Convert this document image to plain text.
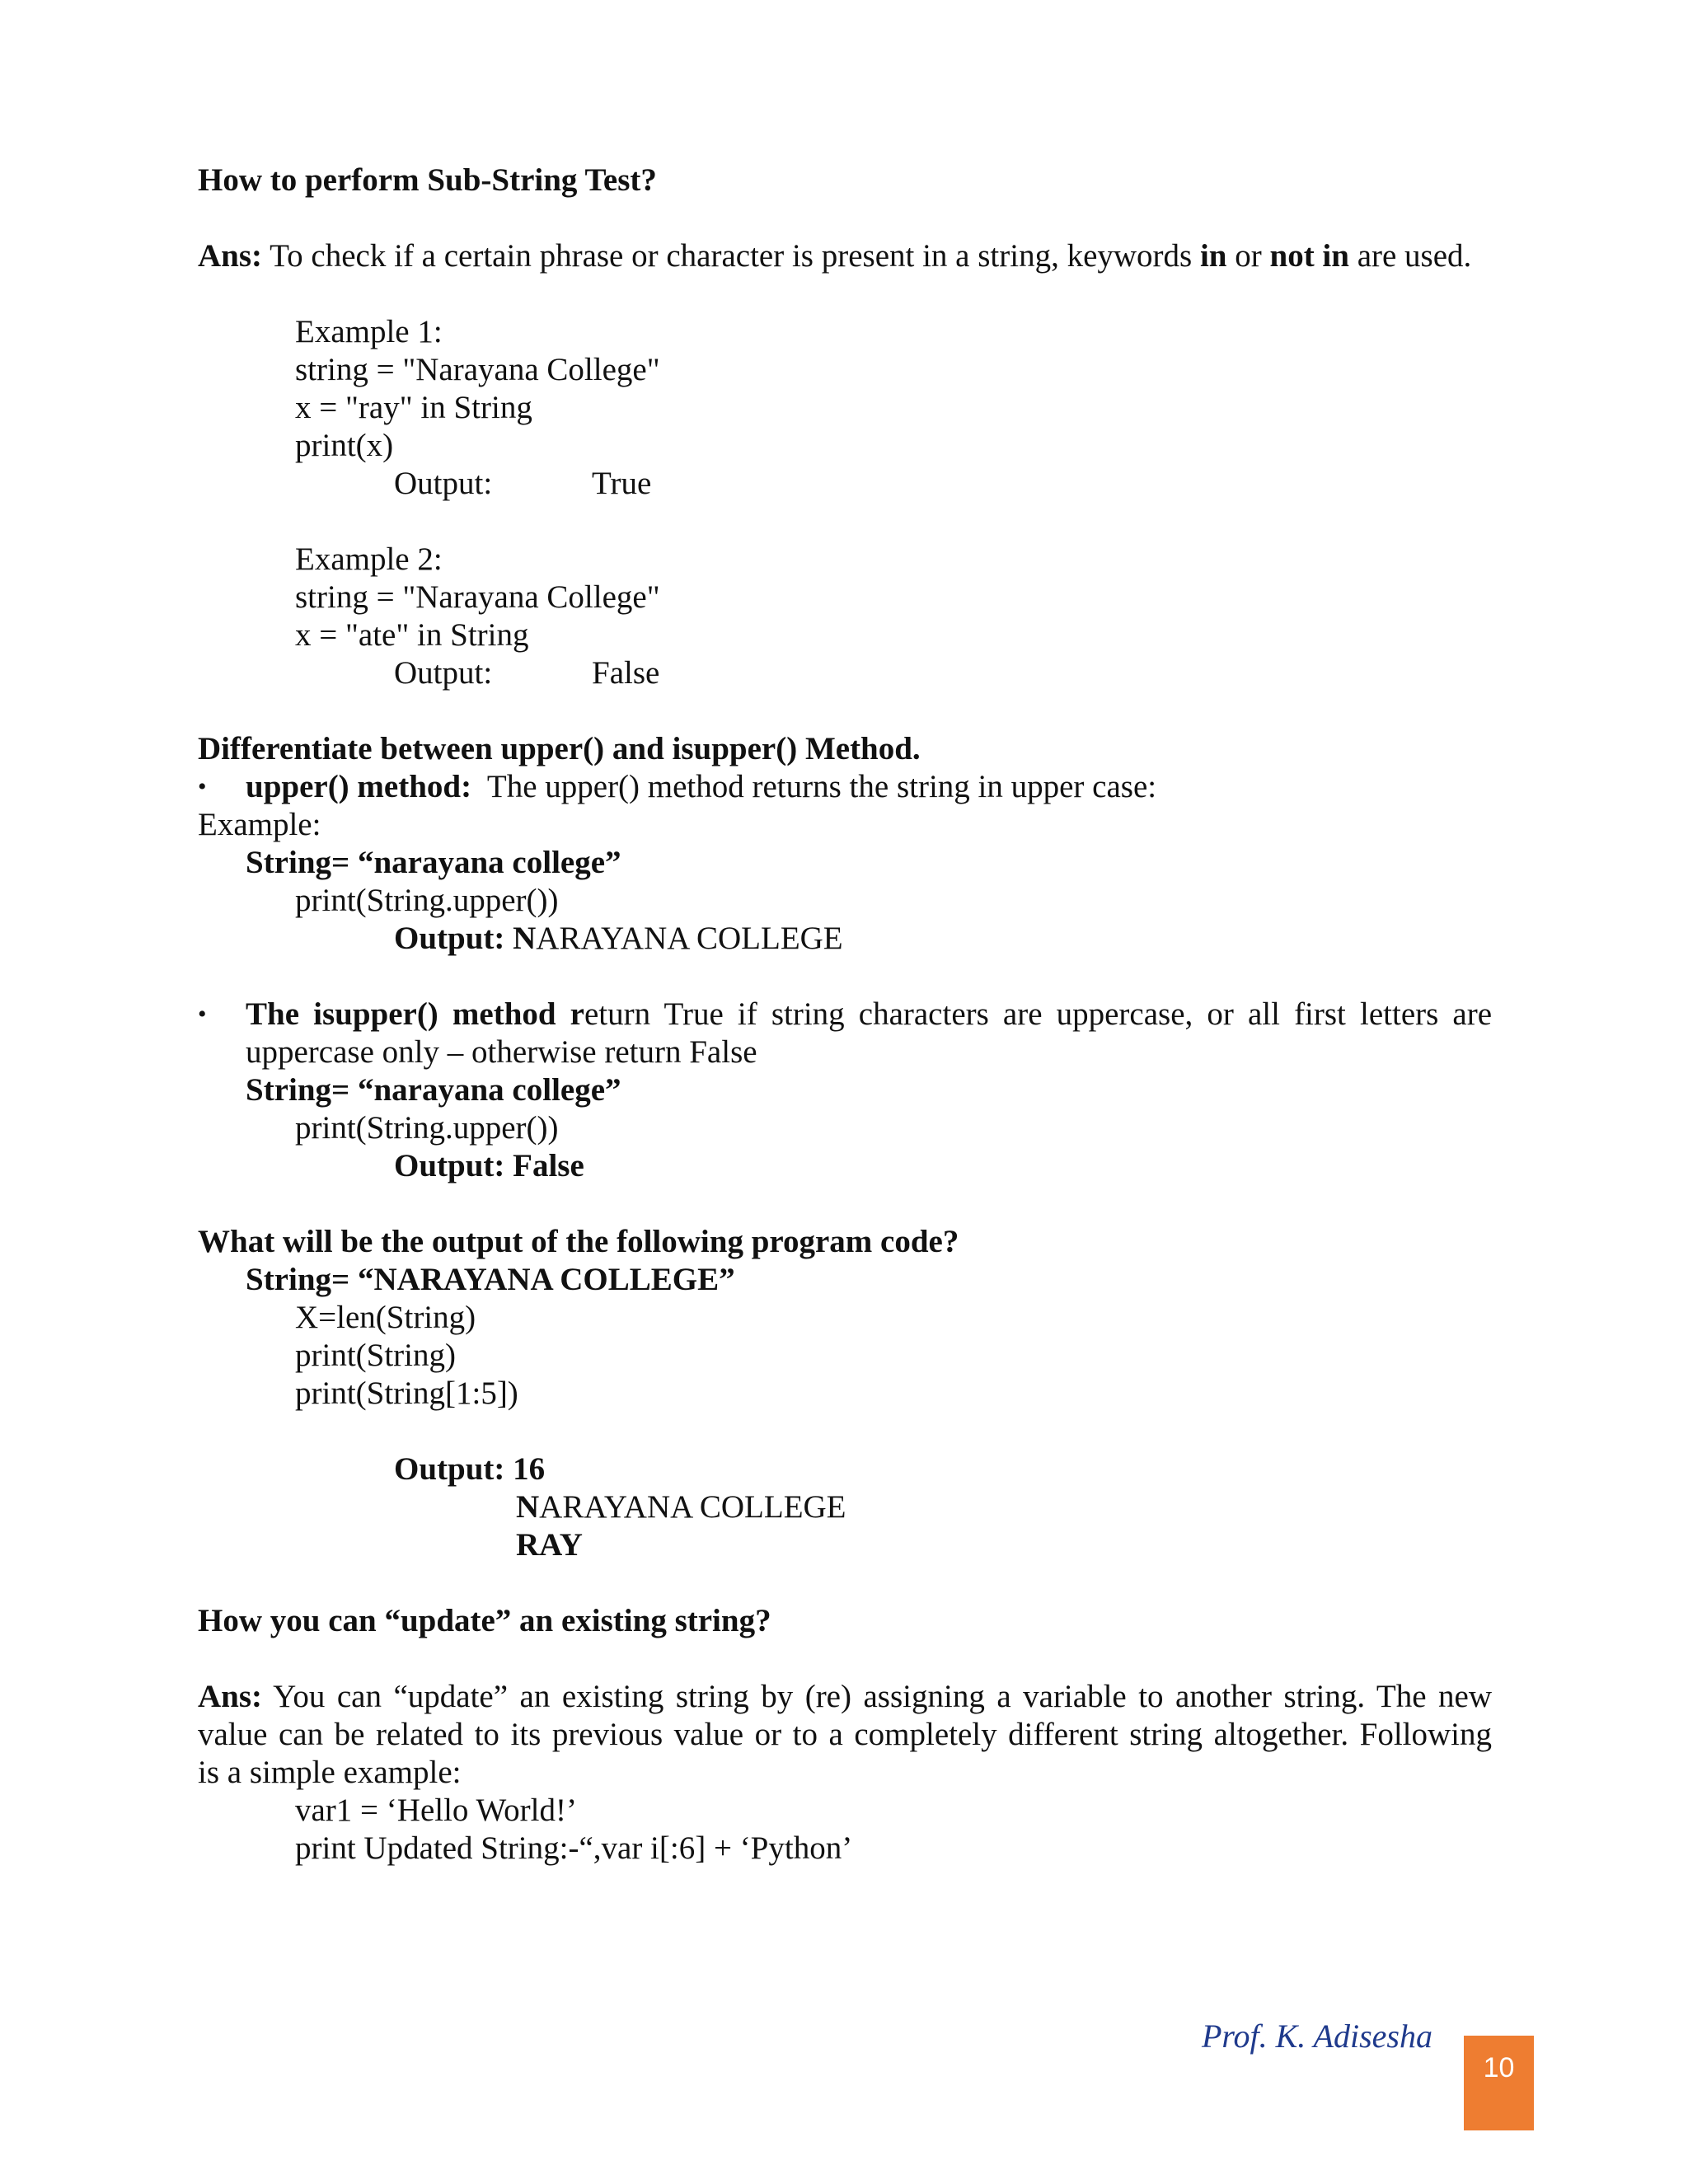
How to perform Sub-String Test?
Ans: To check if a certain phrase or character is present in a string, keywords in or not in are used.
Example 1:
string = "Narayana College"
x = "ray" in String
print(x)
Output:	True
Example 2:
string = "Narayana College"
x = "ate" in String
Output:	False
Differentiate between upper() and isupper() Method.
• upper() method:  The upper() method returns the string in upper case:
Example:
String= “narayana college”
print(String.upper())
Output: NARAYANA COLLEGE
• The isupper() method return True if string characters are uppercase, or all first letters are
uppercase only – otherwise return False
String= “narayana college”
print(String.upper())
Output: False
What will be the output of the following program code?
String= “NARAYANA COLLEGE”
X=len(String)
print(String)
print(String[1:5])
Output: 16
NARAYANA COLLEGE
RAY
How you can “update” an existing string?
Ans: You can “update” an existing string by (re) assigning a variable to another string. The new
value can be related to its previous value or to a completely different string altogether. Following
is a simple example:
var1 = ‘Hello World!’
print Updated String:-“,var i[:6] + ‘Python’
Prof. K. Adisesha
10
